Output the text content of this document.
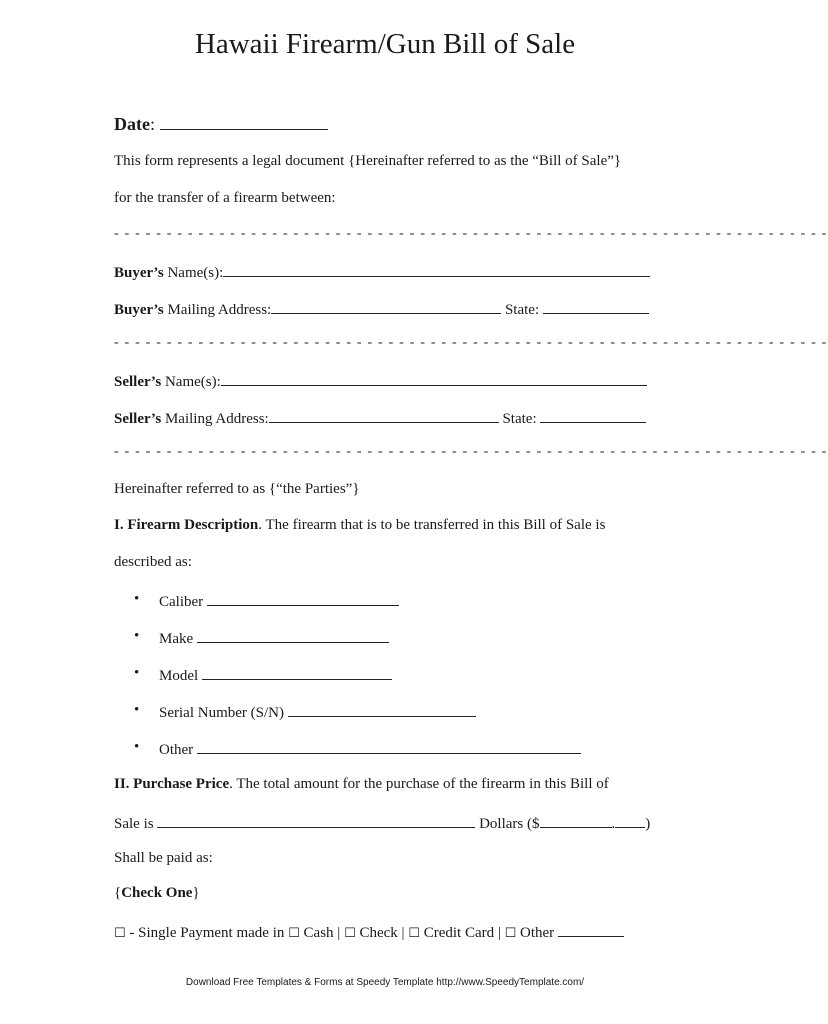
Hawaii Firearm/Gun Bill of Sale
Date:
This form represents a legal document {Hereinafter referred to as the “Bill of Sale”}
for the transfer of a firearm between:
- - - - - - - - - - - - - - - - - - - - - - - - - - - - - - - - - - - - - - - - - - - - - - - - - - - - - - - - - - - - - - - - - - - -
Buyer’s Name(s):
Buyer’s Mailing Address:	State:
- - - - - - - - - - - - - - - - - - - - - - - - - - - - - - - - - - - - - - - - - - - - - - - - - - - - - - - - - - - - - - - - - - - -
Seller’s Name(s):
Seller’s Mailing Address:	State:
- - - - - - - - - - - - - - - - - - - - - - - - - - - - - - - - - - - - - - - - - - - - - - - - - - - - - - - - - - - - - - - - - - - -
Hereinafter referred to as {“the Parties”}
I. Firearm Description. The firearm that is to be transferred in this Bill of Sale is
described as:
• Caliber
• Make
• Model
• Serial Number (S/N)
• Other
II. Purchase Price. The total amount for the purchase of the firearm in this Bill of
Sale is	Dollars ($	. )
Shall be paid as:
{Check One}
☐ - Single Payment made in ☐ Cash | ☐ Check | ☐ Credit Card | ☐ Other
Download Free Templates & Forms at Speedy Template http://www.SpeedyTemplate.com/
